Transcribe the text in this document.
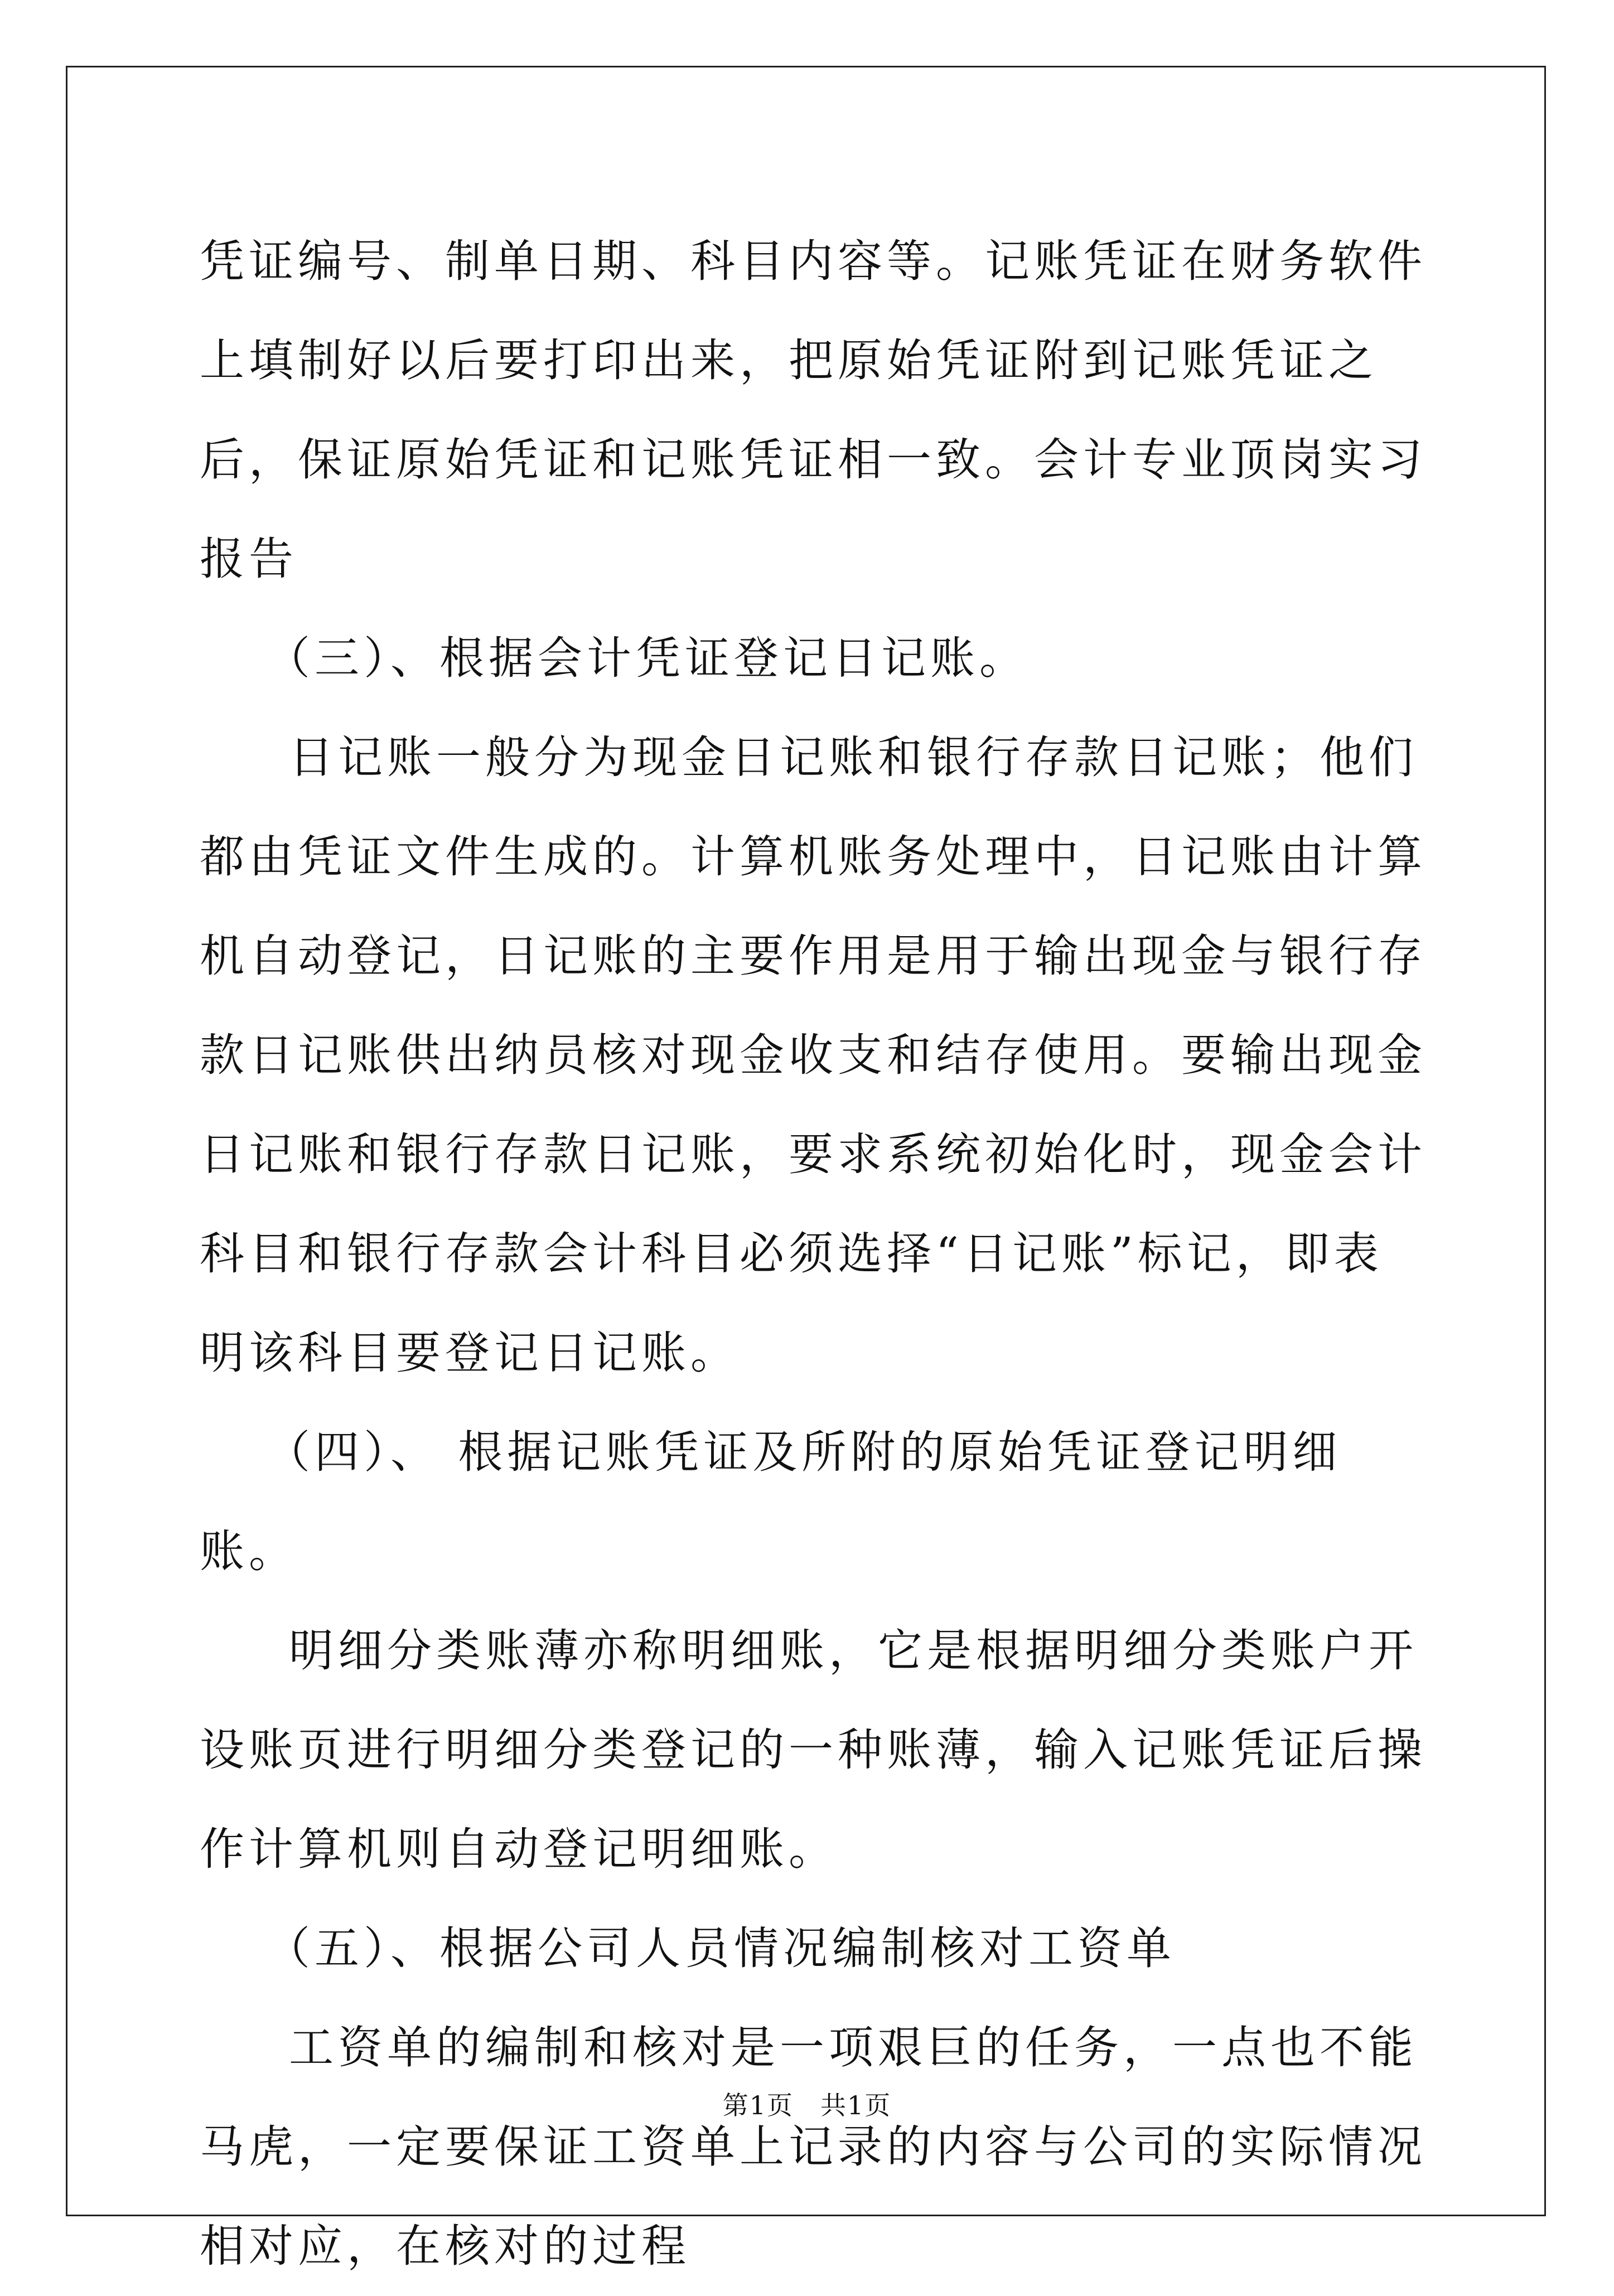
凭证编号、制单日期、科目内容等。记账凭证在财务软件上填制好以后要打印出来，把原始凭证附到记账凭证之后，保证原始凭证和记账凭证相一致。会计专业顶岗实习报告

（三）、根据会计凭证登记日记账。

日记账一般分为现金日记账和银行存款日记账；他们都由凭证文件生成的。计算机账务处理中，日记账由计算机自动登记，日记账的主要作用是用于输出现金与银行存款日记账供出纳员核对现金收支和结存使用。要输出现金日记账和银行存款日记账，要求系统初始化时，现金会计科目和银行存款会计科目必须选择“日记账”标记，即表明该科目要登记日记账。

（四）、 根据记账凭证及所附的原始凭证登记明细账。

明细分类账薄亦称明细账，它是根据明细分类账户开设账页进行明细分类登记的一种账薄，输入记账凭证后操作计算机则自动登记明细账。

（五）、根据公司人员情况编制核对工资单

工资单的编制和核对是一项艰巨的任务，一点也不能马虎，一定要保证工资单上记录的内容与公司的实际情况相对应，在核对的过程

第1页　共1页
